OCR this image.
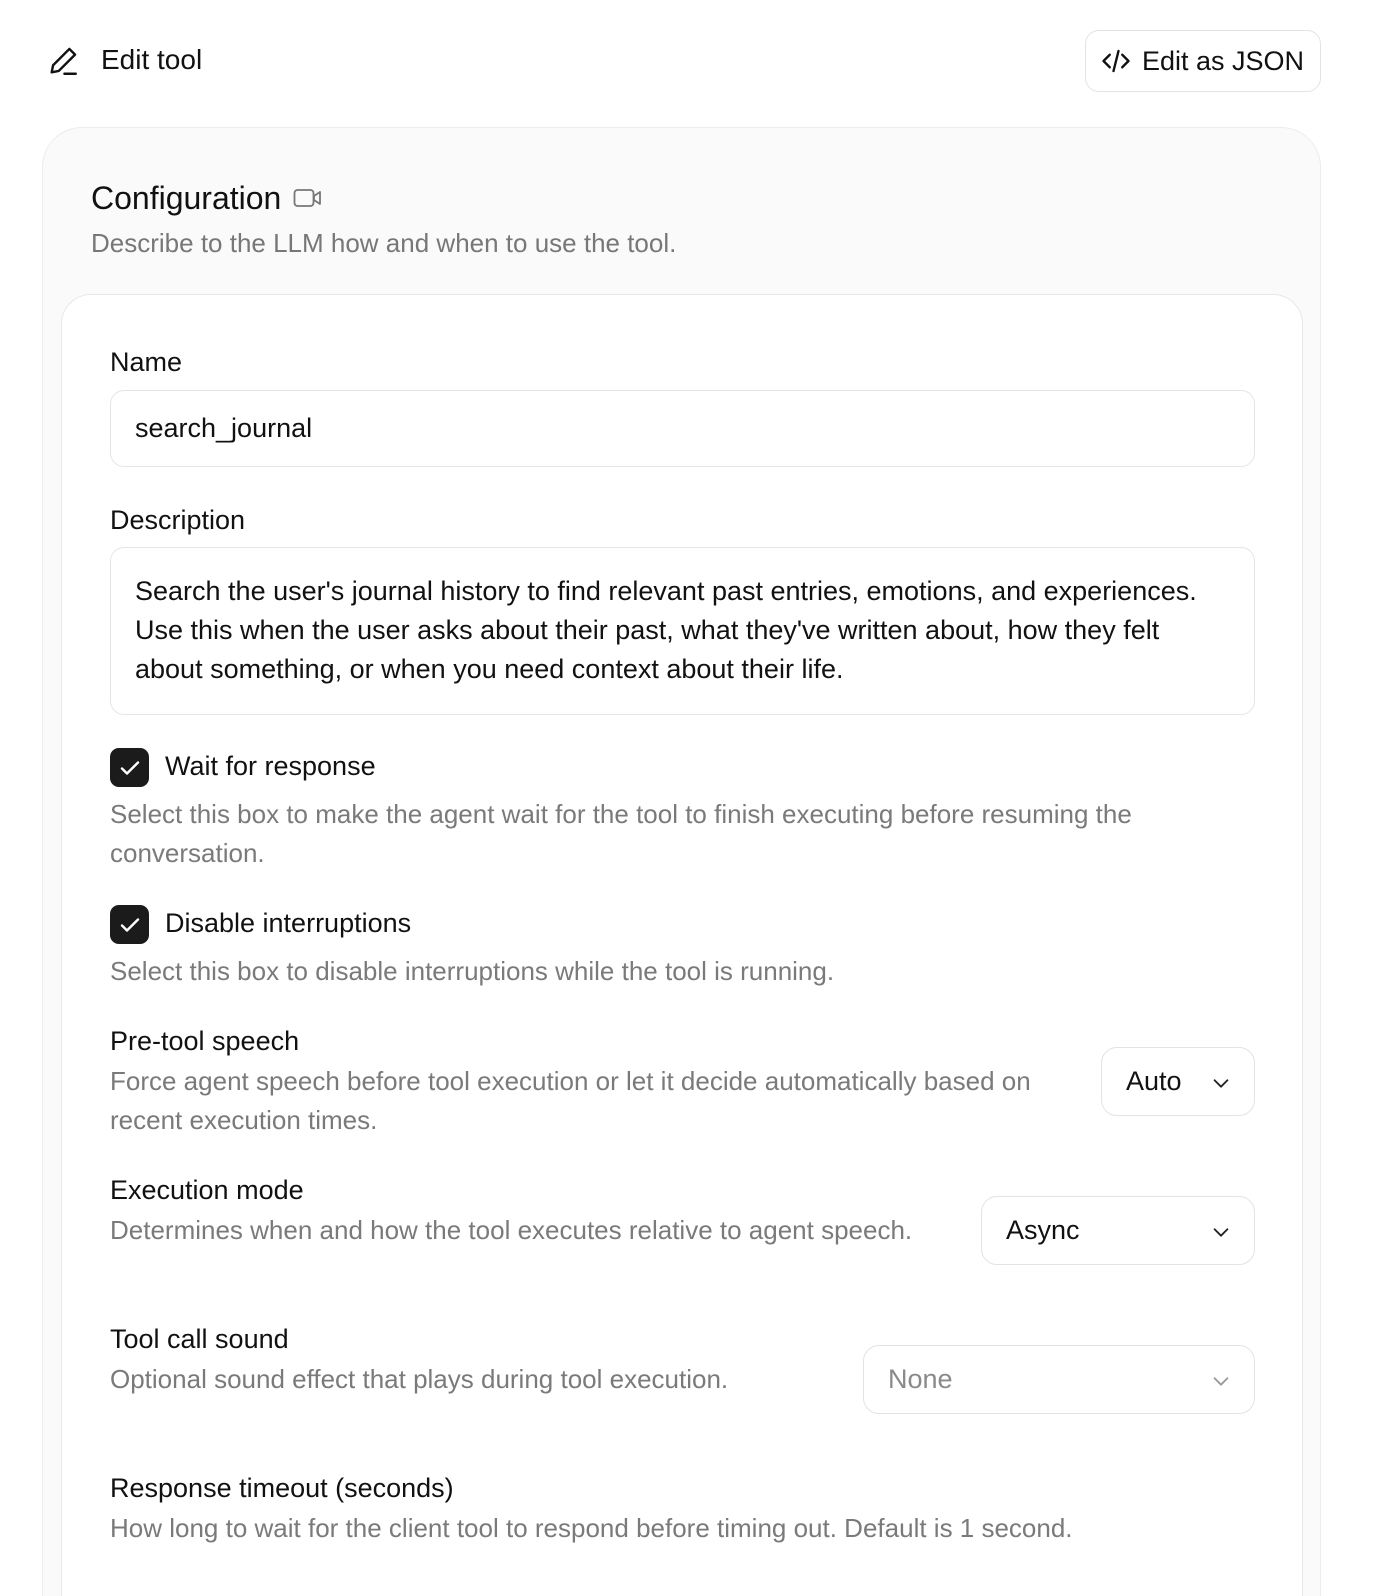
Edit tool	Edit as JSON
Configuration
Describe to the LLM how and when to use the tool.
Name
search_journal
Description
Search the user's journal history to find relevant past entries, emotions, and experiences. Use this when the user asks about their past, what they've written about, how they felt about something, or when you need context about their life.
Wait for response
Select this box to make the agent wait for the tool to finish executing before resuming the conversation.
Disable interruptions
Select this box to disable interruptions while the tool is running.
Pre-tool speech
Force agent speech before tool execution or let it decide automatically based on recent execution times.
Auto
Execution mode
Determines when and how the tool executes relative to agent speech.	Async
Tool call sound
Optional sound effect that plays during tool execution.	None
Response timeout (seconds)
How long to wait for the client tool to respond before timing out. Default is 1 second.
